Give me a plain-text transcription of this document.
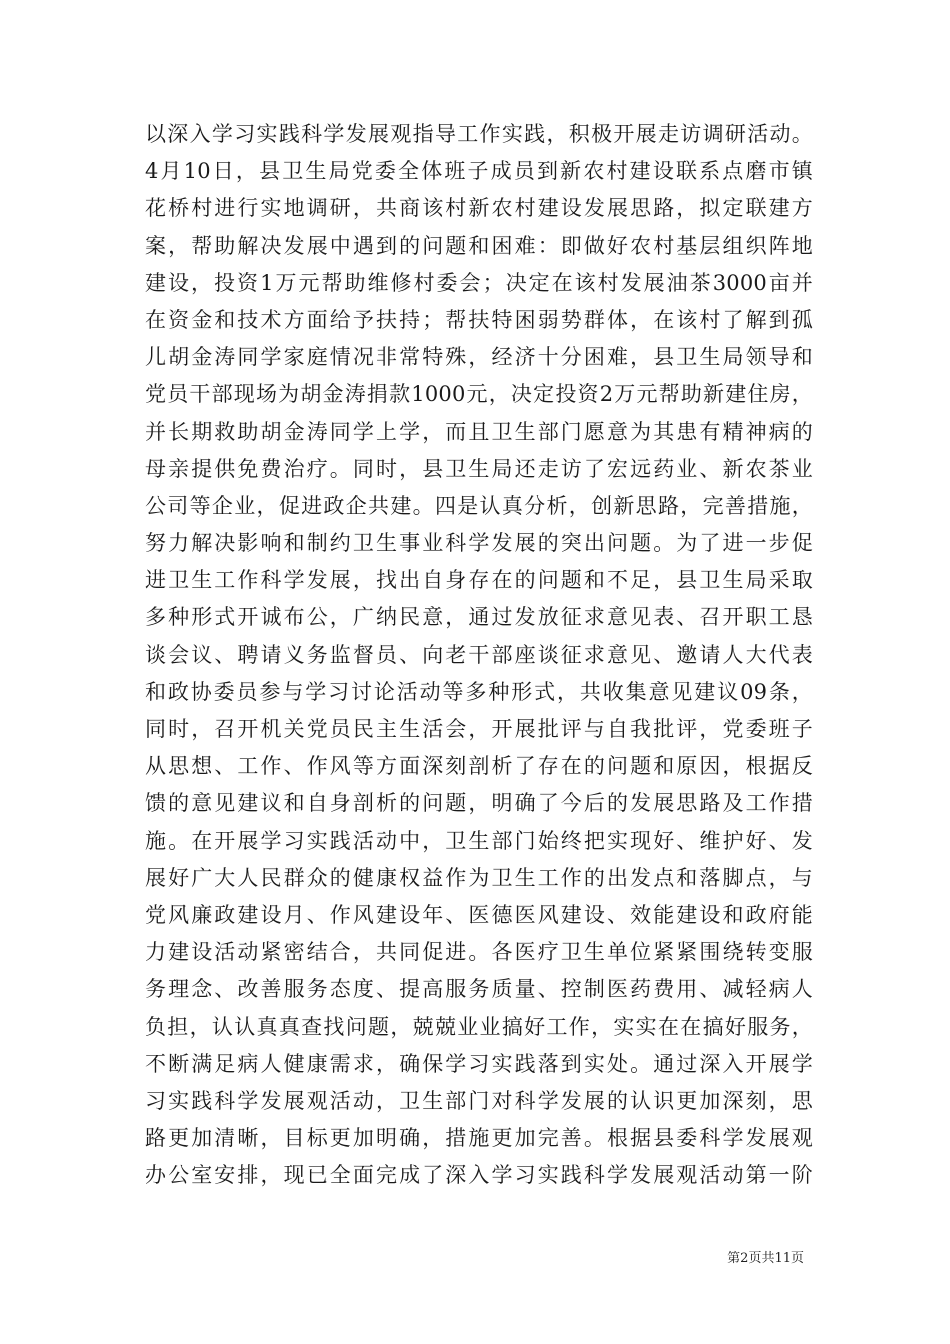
以深入学习实践科学发展观指导工作实践，积极开展走访调研活动。
4月10日，县卫生局党委全体班子成员到新农村建设联系点磨市镇
花桥村进行实地调研，共商该村新农村建设发展思路，拟定联建方
案，帮助解决发展中遇到的问题和困难：即做好农村基层组织阵地
建设，投资1万元帮助维修村委会；决定在该村发展油茶3000亩并
在资金和技术方面给予扶持；帮扶特困弱势群体，在该村了解到孤
儿胡金涛同学家庭情况非常特殊，经济十分困难，县卫生局领导和
党员干部现场为胡金涛捐款1000元，决定投资2万元帮助新建住房，
并长期救助胡金涛同学上学，而且卫生部门愿意为其患有精神病的
母亲提供免费治疗。同时，县卫生局还走访了宏远药业、新农茶业
公司等企业，促进政企共建。四是认真分析，创新思路，完善措施，
努力解决影响和制约卫生事业科学发展的突出问题。为了进一步促
进卫生工作科学发展，找出自身存在的问题和不足，县卫生局采取
多种形式开诚布公，广纳民意，通过发放征求意见表、召开职工恳
谈会议、聘请义务监督员、向老干部座谈征求意见、邀请人大代表
和政协委员参与学习讨论活动等多种形式，共收集意见建议09条，
同时，召开机关党员民主生活会，开展批评与自我批评，党委班子
从思想、工作、作风等方面深刻剖析了存在的问题和原因，根据反
馈的意见建议和自身剖析的问题，明确了今后的发展思路及工作措
施。在开展学习实践活动中，卫生部门始终把实现好、维护好、发
展好广大人民群众的健康权益作为卫生工作的出发点和落脚点，与
党风廉政建设月、作风建设年、医德医风建设、效能建设和政府能
力建设活动紧密结合，共同促进。各医疗卫生单位紧紧围绕转变服
务理念、改善服务态度、提高服务质量、控制医药费用、减轻病人
负担，认认真真查找问题，兢兢业业搞好工作，实实在在搞好服务，
不断满足病人健康需求，确保学习实践落到实处。通过深入开展学
习实践科学发展观活动，卫生部门对科学发展的认识更加深刻，思
路更加清晰，目标更加明确，措施更加完善。根据县委科学发展观
办公室安排，现已全面完成了深入学习实践科学发展观活动第一阶
第2页共11页
